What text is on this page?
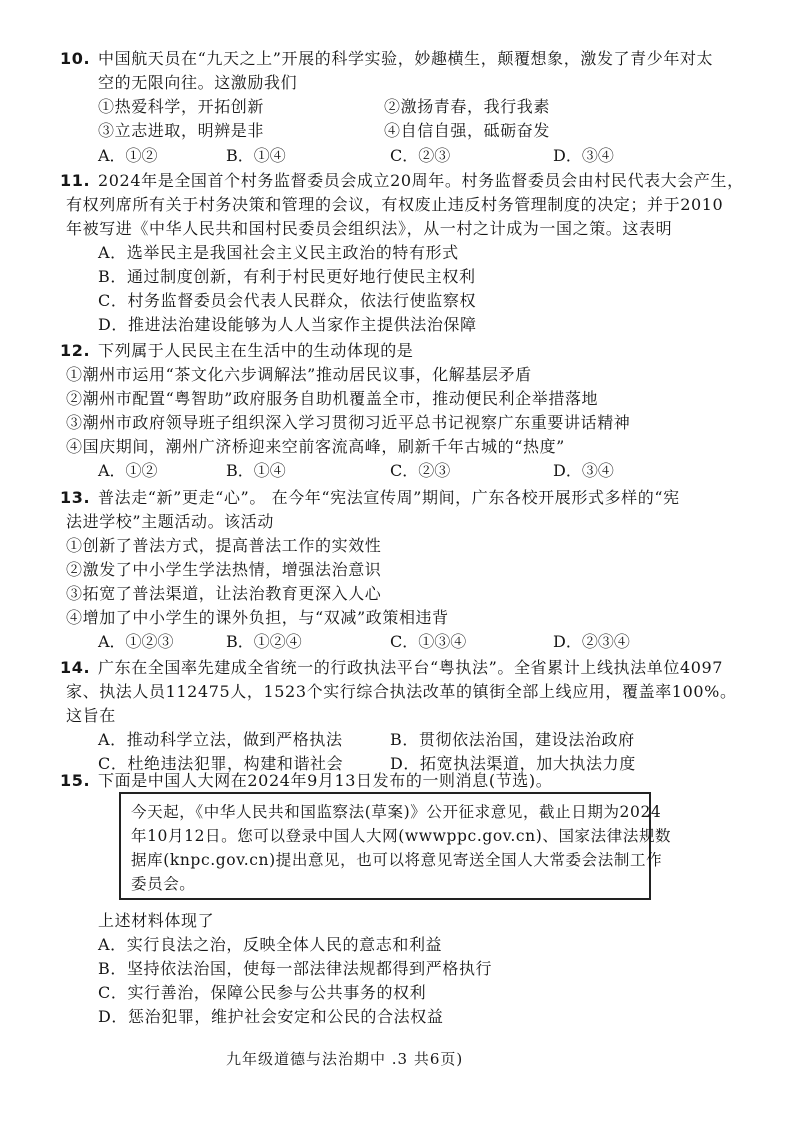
10. 中国航天员在“九天之上”开展的科学实验，妙趣横生，颠覆想象，激发了青少年对太
空的无限向往。这激励我们
①热爱科学，开拓创新	②激扬青春，我行我素
③立志进取，明辨是非	④自信自强，砥砺奋发
A．①②	B．①④	C．②③	D．③④
11. 2024年是全国首个村务监督委员会成立20周年。村务监督委员会由村民代表大会产生，
有权列席所有关于村务决策和管理的会议，有权废止违反村务管理制度的决定；并于2010
年被写进《中华人民共和国村民委员会组织法》，从一村之计成为一国之策。这表明
A．选举民主是我国社会主义民主政治的特有形式
B．通过制度创新，有利于村民更好地行使民主权利
C．村务监督委员会代表人民群众，依法行使监察权
D．推进法治建设能够为人人当家作主提供法治保障
12. 下列属于人民民主在生活中的生动体现的是
①潮州市运用“茶文化六步调解法”推动居民议事，化解基层矛盾
②潮州市配置“粤智助”政府服务自助机覆盖全市，推动便民利企举措落地
③潮州市政府领导班子组织深入学习贯彻习近平总书记视察广东重要讲话精神
④国庆期间，潮州广济桥迎来空前客流高峰，刷新千年古城的“热度”
A．①②	B．①④	C．②③	D．③④
13. 普法走“新”更走“心”。 在今年“宪法宣传周”期间，广东各校开展形式多样的“宪
法进学校”主题活动。该活动
①创新了普法方式，提高普法工作的实效性
②激发了中小学生学法热情，增强法治意识
③拓宽了普法渠道，让法治教育更深入人心
④增加了中小学生的课外负担，与“双减”政策相违背
A．①②③	B．①②④	C．①③④	D．②③④
14. 广东在全国率先建成全省统一的行政执法平台“粤执法”。全省累计上线执法单位4097
家、执法人员112475人，1523个实行综合执法改革的镇街全部上线应用，覆盖率100%。
这旨在
A．推动科学立法，做到严格执法	B．贯彻依法治国，建设法治政府
C．杜绝违法犯罪，构建和谐社会	D．拓宽执法渠道，加大执法力度
15. 下面是中国人大网在2024年9月13日发布的一则消息(节选)。
今天起，《中华人民共和国监察法(草案)》公开征求意见，截止日期为2024
年10月12日。您可以登录中国人大网(wwwppc.gov.cn)、国家法律法规数
据库(knpc.gov.cn)提出意见，也可以将意见寄送全国人大常委会法制工作
委员会。
上述材料体现了
A．实行良法之治，反映全体人民的意志和利益
B．坚持依法治国，使每一部法律法规都得到严格执行
C．实行善治，保障公民参与公共事务的权利
D．惩治犯罪，维护社会安定和公民的合法权益
九年级道德与法治期中 .3 共6页)
